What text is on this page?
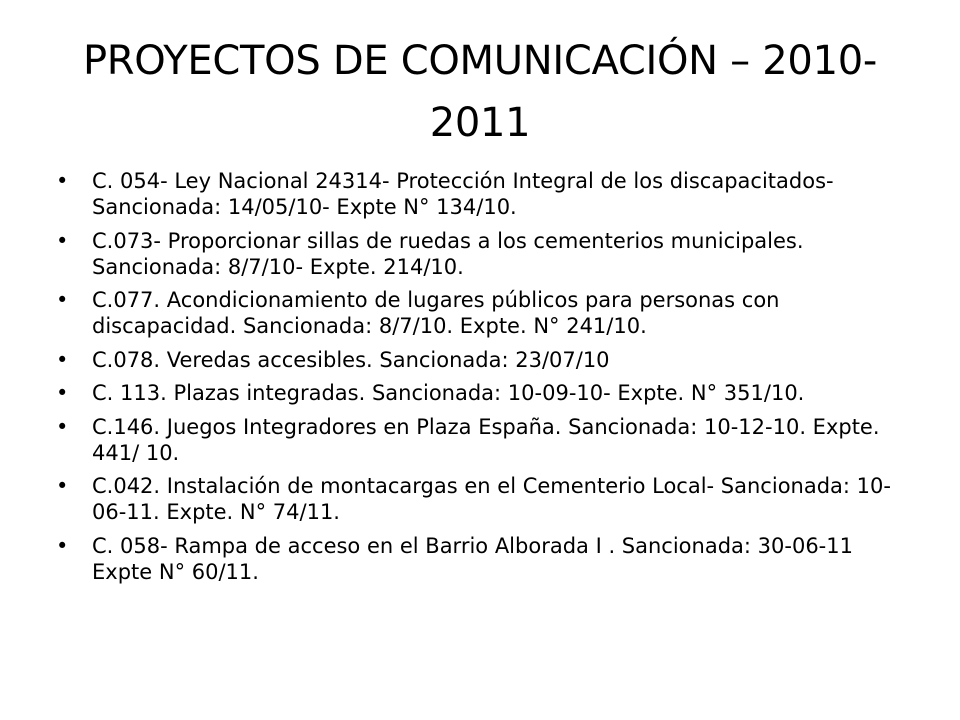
PROYECTOS DE COMUNICACIÓN – 2010-2011
• C. 054- Ley Nacional 24314- Protección Integral de los discapacitados- Sancionada: 14/05/10- Expte N° 134/10.
• C.073- Proporcionar sillas de ruedas a los cementerios municipales. Sancionada: 8/7/10- Expte. 214/10.
• C.077. Acondicionamiento de lugares públicos para personas con discapacidad. Sancionada: 8/7/10. Expte. N° 241/10.
• C.078. Veredas accesibles. Sancionada: 23/07/10
• C. 113. Plazas integradas. Sancionada: 10-09-10- Expte. N° 351/10.
• C.146. Juegos Integradores en Plaza España. Sancionada: 10-12-10. Expte. 441/ 10.
• C.042. Instalación de montacargas en el Cementerio Local- Sancionada: 10-06-11. Expte. N° 74/11.
• C. 058- Rampa de acceso en el Barrio Alborada I . Sancionada: 30-06-11 Expte N° 60/11.
